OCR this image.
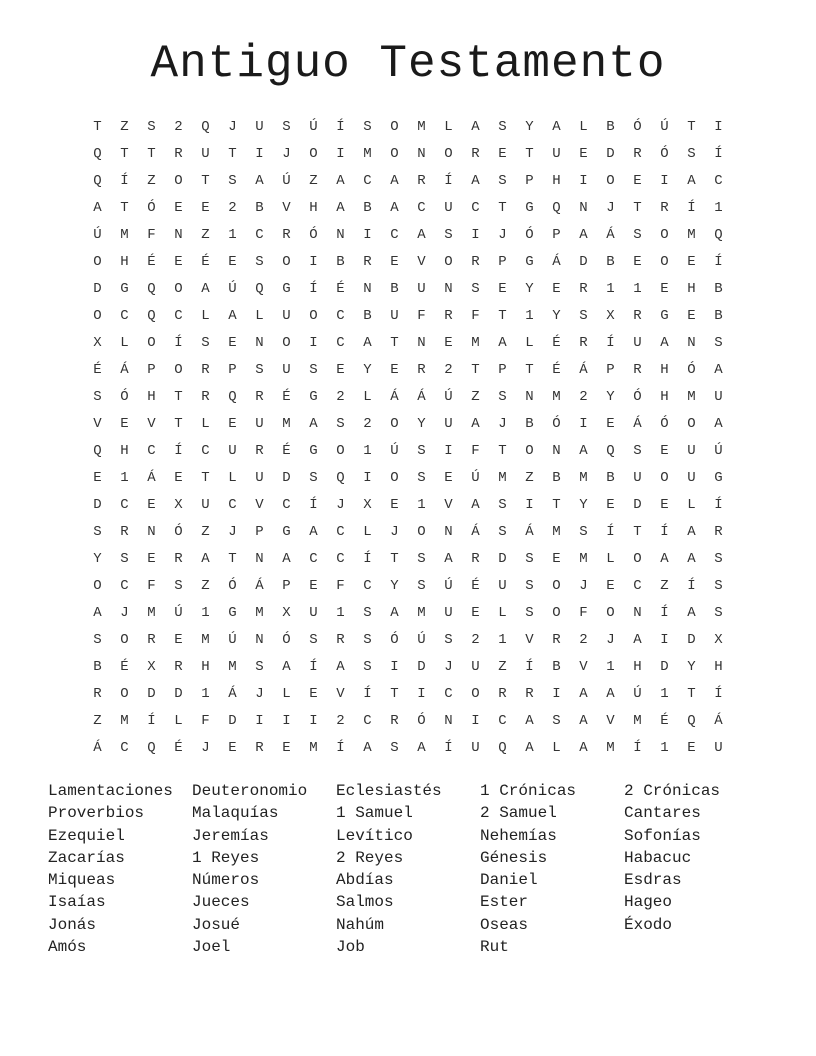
Antiguo Testamento
T	Z	S	2	Q	J	U	S	Ú	Í	S	O	M	L	A	S	Y	A	L	B	Ó	Ú	T	I
Q	T	T	R	U	T	I	J	O	I	M	O	N	O	R	E	T	U	E	D	R	Ó	S	Í
Q	Í	Z	O	T	S	A	Ú	Z	A	C	A	R	Í	A	S	P	H	I	O	E	I	A	C
A	T	Ó	E	E	2	B	V	H	A	B	A	C	U	C	T	G	Q	N	J	T	R	Í	1
Ú	M	F	N	Z	1	C	R	Ó	N	I	C	A	S	I	J	Ó	P	A	Á	S	O	M	Q
O	H	É	E	É	E	S	O	I	B	R	E	V	O	R	P	G	Á	D	B	E	O	E	Í
D	G	Q	O	A	Ú	Q	G	Í	É	N	B	U	N	S	E	Y	E	R	1	1	E	H	B
O	C	Q	C	L	A	L	U	O	C	B	U	F	R	F	T	1	Y	S	X	R	G	E	B
X	L	O	Í	S	E	N	O	I	C	A	T	N	E	M	A	L	É	R	Í	U	A	N	S
É	Á	P	O	R	P	S	U	S	E	Y	E	R	2	T	P	T	É	Á	P	R	H	Ó	A
S	Ó	H	T	R	Q	R	É	G	2	L	Á	Á	Ú	Z	S	N	M	2	Y	Ó	H	M	U
V	E	V	T	L	E	U	M	A	S	2	O	Y	U	A	J	B	Ó	I	E	Á	Ó	O	A
Q	H	C	Í	C	U	R	É	G	O	1	Ú	S	I	F	T	O	N	A	Q	S	E	U	Ú
E	1	Á	E	T	L	U	D	S	Q	I	O	S	E	Ú	M	Z	B	M	B	U	O	U	G
D	C	E	X	U	C	V	C	Í	J	X	E	1	V	A	S	I	T	Y	E	D	E	L	Í
S	R	N	Ó	Z	J	P	G	A	C	L	J	O	N	Á	S	Á	M	S	Í	T	Í	A	R
Y	S	E	R	A	T	N	A	C	C	Í	T	S	A	R	D	S	E	M	L	O	A	A	S
O	C	F	S	Z	Ó	Á	P	E	F	C	Y	S	Ú	É	U	S	O	J	E	C	Z	Í	S
A	J	M	Ú	1	G	M	X	U	1	S	A	M	U	E	L	S	O	F	O	N	Í	A	S
S	O	R	E	M	Ú	N	Ó	S	R	S	Ó	Ú	S	2	1	V	R	2	J	A	I	D	X
B	É	X	R	H	M	S	A	Í	A	S	I	D	J	U	Z	Í	B	V	1	H	D	Y	H
R	O	D	D	1	Á	J	L	E	V	Í	T	I	C	O	R	R	I	A	A	Ú	1	T	Í
Z	M	Í	L	F	D	I	I	I	2	C	R	Ó	N	I	C	A	S	A	V	M	É	Q	Á
Á	C	Q	É	J	E	R	E	M	Í	A	S	A	Í	U	Q	A	L	A	M	Í	1	E	U
Lamentaciones	Deuteronomio	Eclesiastés	1 Crónicas	2 Crónicas
Proverbios	Malaquías	1 Samuel	2 Samuel	Cantares
Ezequiel	Jeremías	Levítico	Nehemías	Sofonías
Zacarías	1 Reyes	2 Reyes	Génesis	Habacuc
Miqueas	Números	Abdías	Daniel	Esdras
Isaías	Jueces	Salmos	Ester	Hageo
Jonás	Josué	Nahúm	Oseas	Éxodo
Amós	Joel	Job	Rut
